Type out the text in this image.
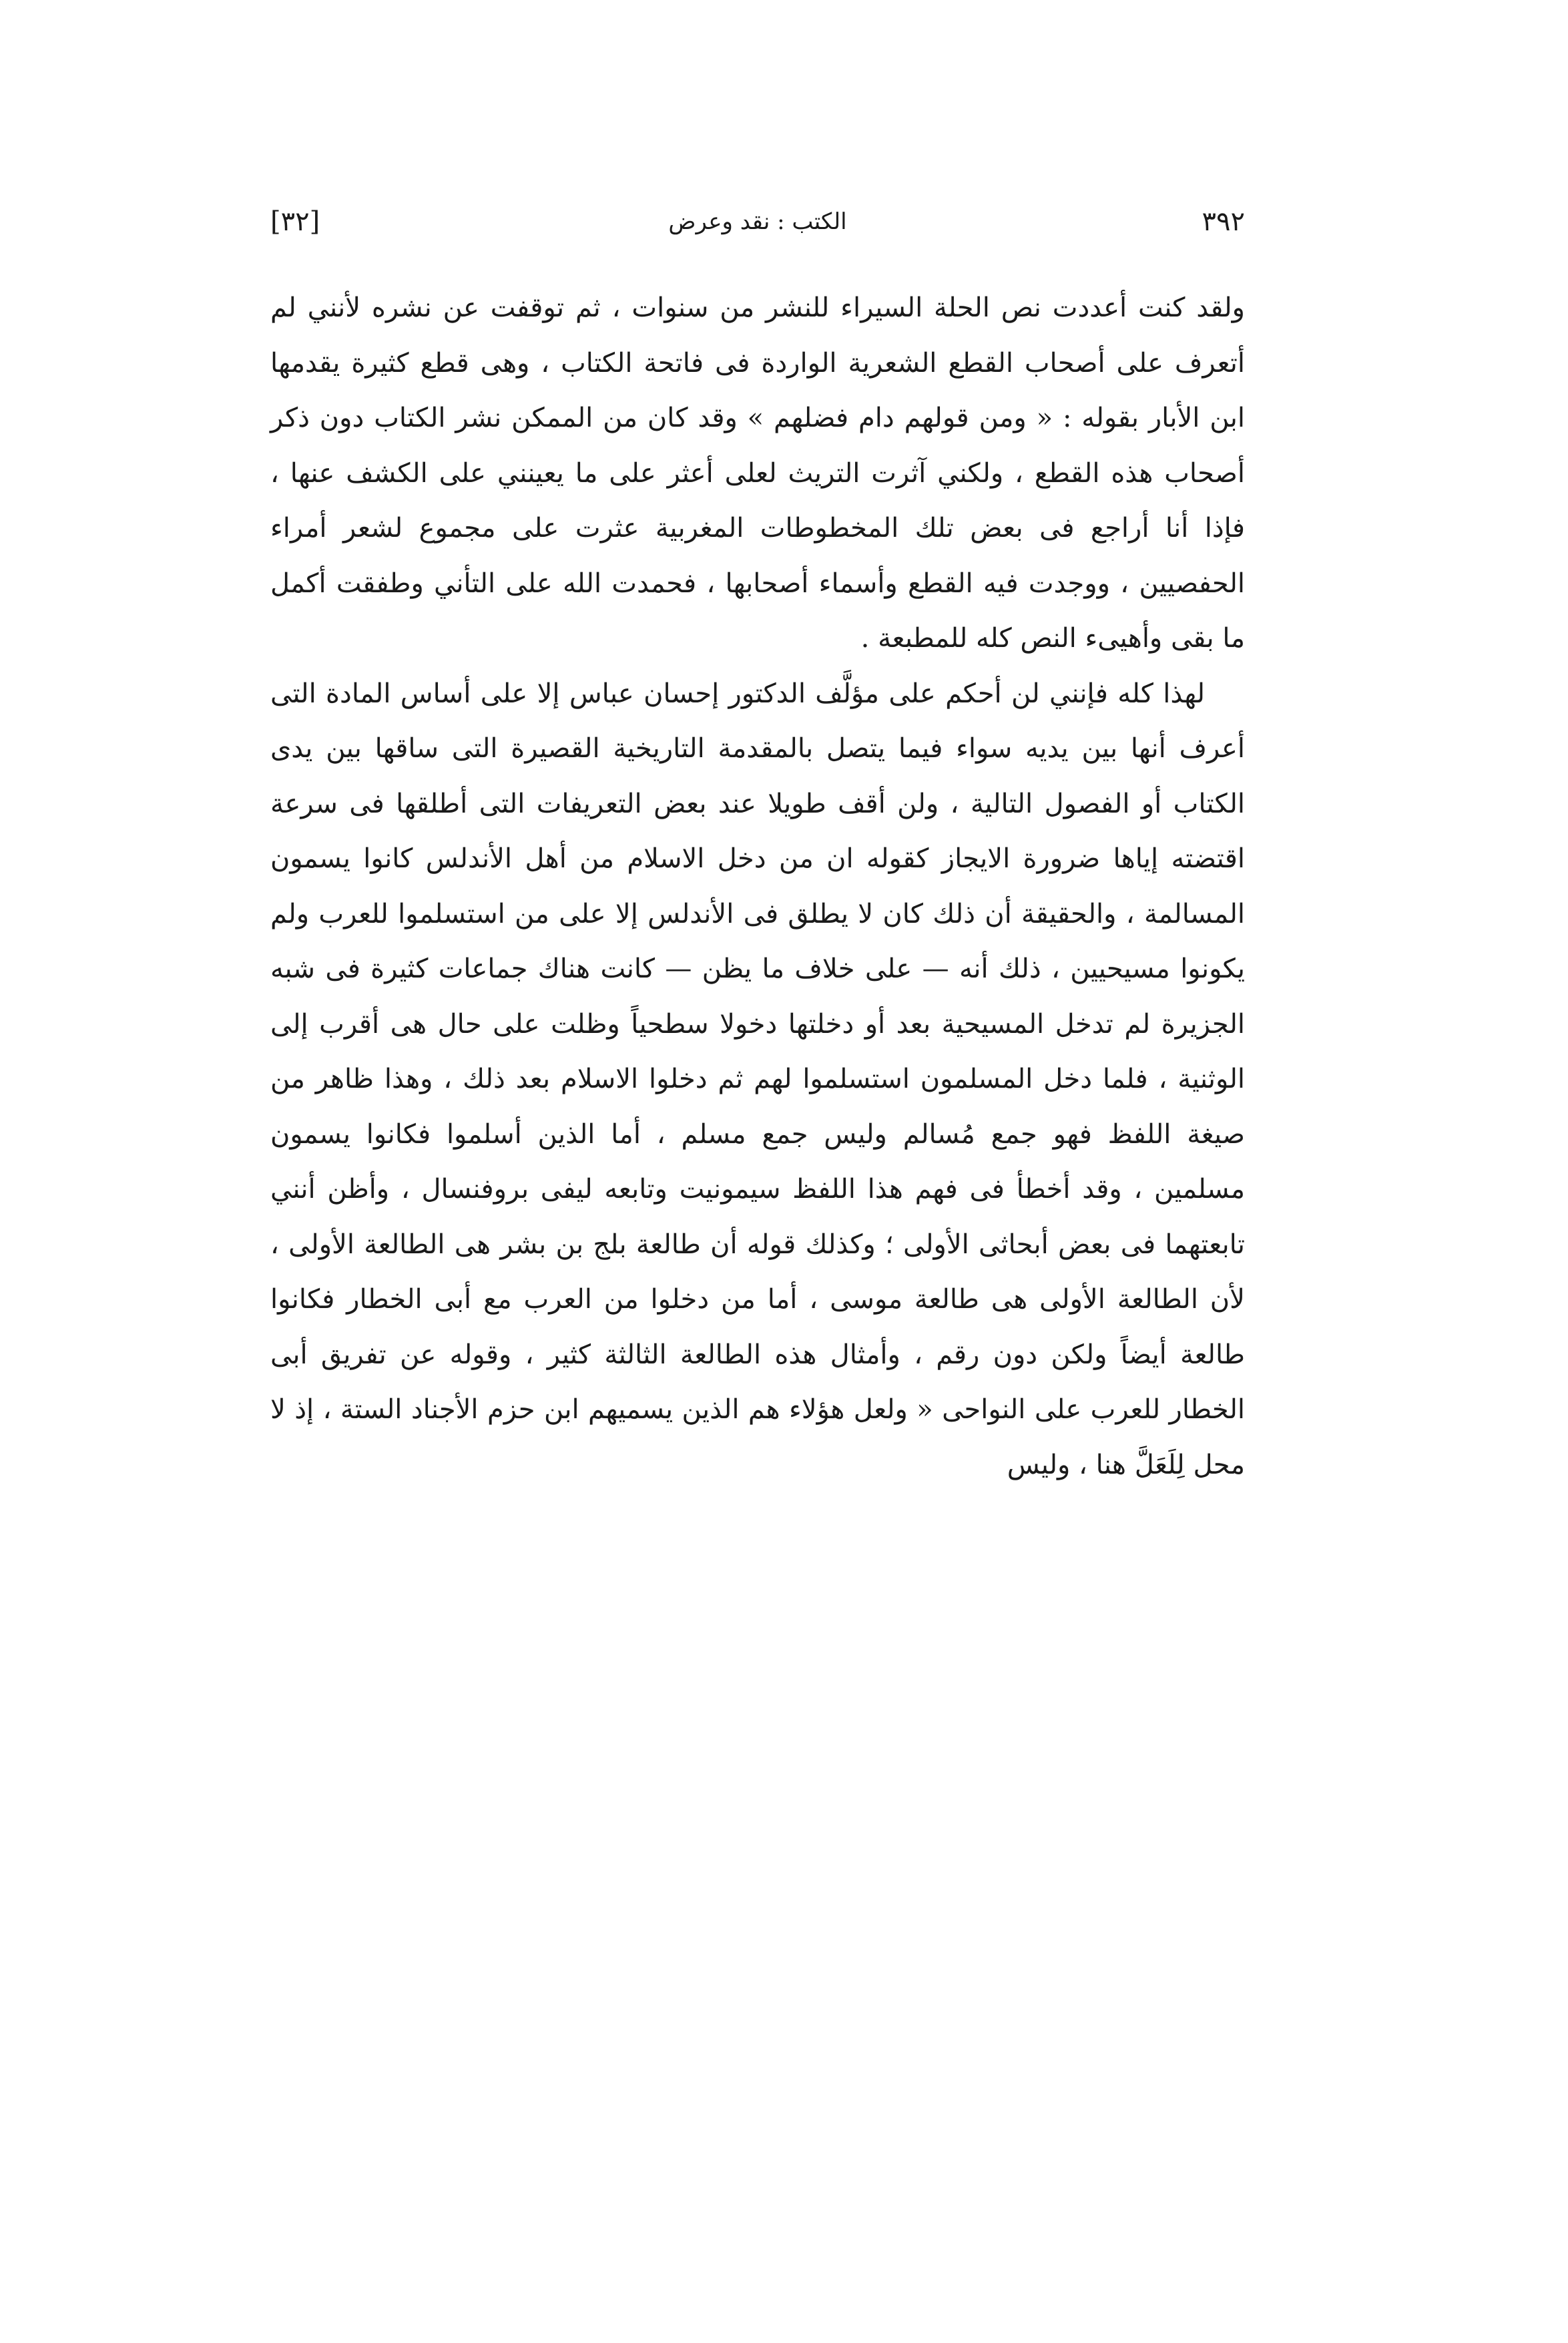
٣٩٢
الكتب : نقد وعرض
[٣٢]

ولقد كنت أعددت نص الحلة السيراء للنشر من سنوات ، ثم توقفت عن نشره لأنني لم أتعرف على أصحاب القطع الشعرية الواردة فى فاتحة الكتاب ، وهى قطع كثيرة يقدمها ابن الأبار بقوله : « ومن قولهم دام فضلهم » وقد كان من الممكن نشر الكتاب دون ذكر أصحاب هذه القطع ، ولكني آثرت التريث لعلى أعثر على ما يعينني على الكشف عنها ، فإذا أنا أراجع فى بعض تلك المخطوطات المغربية عثرت على مجموع لشعر أمراء الحفصيين ، ووجدت فيه القطع وأسماء أصحابها ، فحمدت الله على التأني وطفقت أكمل ما بقى وأهيىء النص كله للمطبعة .

لهذا كله فإنني لن أحكم على مؤلَّف الدكتور إحسان عباس إلا على أساس المادة التى أعرف أنها بين يديه سواء فيما يتصل بالمقدمة التاريخية القصيرة التى ساقها بين يدى الكتاب أو الفصول التالية ، ولن أقف طويلا عند بعض التعريفات التى أطلقها فى سرعة اقتضته إياها ضرورة الايجاز كقوله ان من دخل الاسلام من أهل الأندلس كانوا يسمون المسالمة ، والحقيقة أن ذلك كان لا يطلق فى الأندلس إلا على من استسلموا للعرب ولم يكونوا مسيحيين ، ذلك أنه — على خلاف ما يظن — كانت هناك جماعات كثيرة فى شبه الجزيرة لم تدخل المسيحية بعد أو دخلتها دخولا سطحياً وظلت على حال هى أقرب إلى الوثنية ، فلما دخل المسلمون استسلموا لهم ثم دخلوا الاسلام بعد ذلك ، وهذا ظاهر من صيغة اللفظ فهو جمع مُسالم وليس جمع مسلم ، أما الذين أسلموا فكانوا يسمون مسلمين ، وقد أخطأ فى فهم هذا اللفظ سيمونيت وتابعه ليفى بروفنسال ، وأظن أنني تابعتهما فى بعض أبحاثى الأولى ؛ وكذلك قوله أن طالعة بلج بن بشر هى الطالعة الأولى ، لأن الطالعة الأولى هى طالعة موسى ، أما من دخلوا من العرب مع أبى الخطار فكانوا طالعة أيضاً ولكن دون رقم ، وأمثال هذه الطالعة الثالثة كثير ، وقوله عن تفريق أبى الخطار للعرب على النواحى « ولعل هؤلاء هم الذين يسميهم ابن حزم الأجناد الستة ، إذ لا محل لِلَعَلَّ هنا ، وليس
